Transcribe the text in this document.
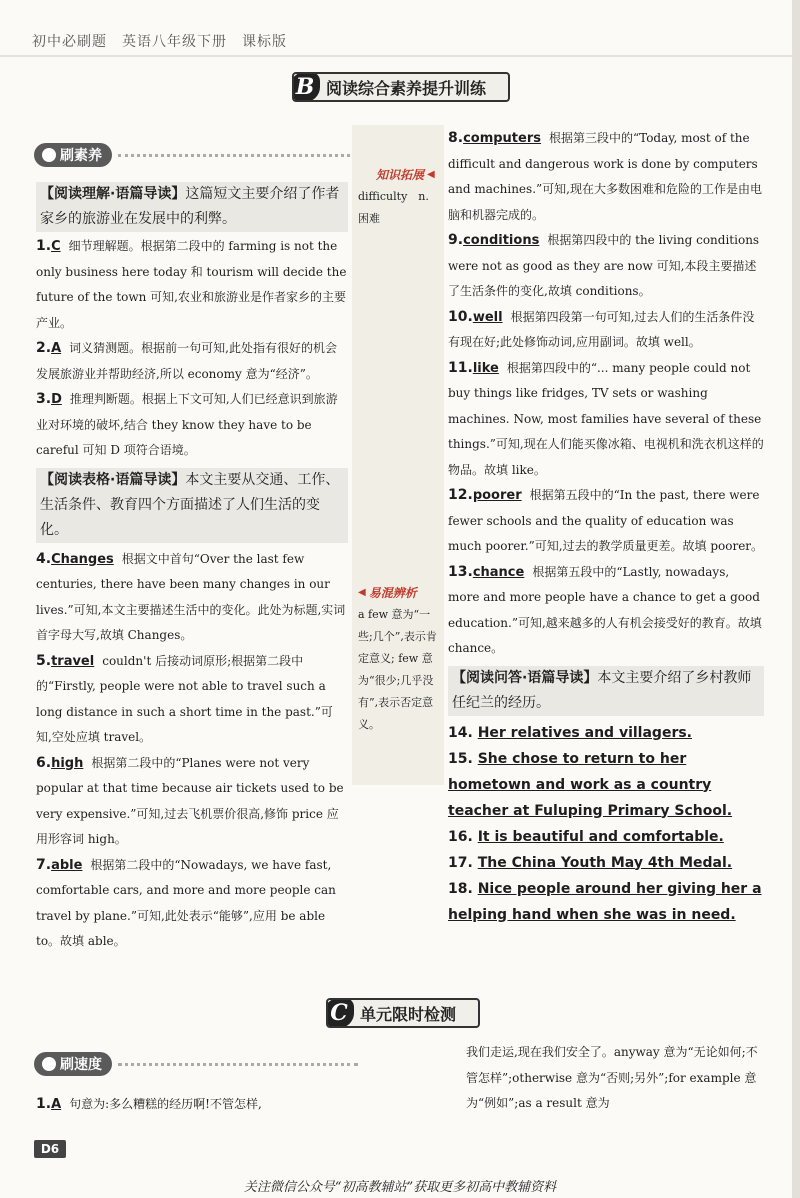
初中必刷题　英语八年级下册　课标版
B 阅读综合素养提升训练
刷素养
知识拓展 ◀
difficulty　n. 困难
◀ 易混辨析
a few 意为“一些;几个”,表示肯定意义; few 意为“很少;几乎没有”,表示否定意义。
【阅读理解·语篇导读】这篇短文主要介绍了作者家乡的旅游业在发展中的利弊。
1.C 细节理解题。根据第二段中的 farming is not the only business here today 和 tourism will decide the future of the town 可知,农业和旅游业是作者家乡的主要产业。
2.A 词义猜测题。根据前一句可知,此处指有很好的机会发展旅游业并帮助经济,所以 economy 意为“经济”。
3.D 推理判断题。根据上下文可知,人们已经意识到旅游业对环境的破坏,结合 they know they have to be careful 可知 D 项符合语境。
【阅读表格·语篇导读】本文主要从交通、工作、生活条件、教育四个方面描述了人们生活的变化。
4.Changes 根据文中首句“Over the last few centuries, there have been many changes in our lives.”可知,本文主要描述生活中的变化。此处为标题,实词首字母大写,故填 Changes。
5.travel couldn't 后接动词原形;根据第二段中的“Firstly, people were not able to travel such a long distance in such a short time in the past.”可知,空处应填 travel。
6.high 根据第二段中的“Planes were not very popular at that time because air tickets used to be very expensive.”可知,过去飞机票价很高,修饰 price 应用形容词 high。
7.able 根据第二段中的“Nowadays, we have fast, comfortable cars, and more and more people can travel by plane.”可知,此处表示“能够”,应用 be able to。故填 able。
8.computers 根据第三段中的“Today, most of the difficult and dangerous work is done by computers and machines.”可知,现在大多数困难和危险的工作是由电脑和机器完成的。
9.conditions 根据第四段中的 the living conditions were not as good as they are now 可知,本段主要描述了生活条件的变化,故填 conditions。
10.well 根据第四段第一句可知,过去人们的生活条件没有现在好;此处修饰动词,应用副词。故填 well。
11.like 根据第四段中的“... many people could not buy things like fridges, TV sets or washing machines. Now, most families have several of these things.”可知,现在人们能买像冰箱、电视机和洗衣机这样的物品。故填 like。
12.poorer 根据第五段中的“In the past, there were fewer schools and the quality of education was much poorer.”可知,过去的教学质量更差。故填 poorer。
13.chance 根据第五段中的“Lastly, nowadays, more and more people have a chance to get a good education.”可知,越来越多的人有机会接受好的教育。故填 chance。
【阅读问答·语篇导读】本文主要介绍了乡村教师任纪兰的经历。
14. Her relatives and villagers.
15. She chose to return to her hometown and work as a country teacher at Fuluping Primary School.
16. It is beautiful and comfortable.
17. The China Youth May 4th Medal.
18. Nice people around her giving her a helping hand when she was in need.
C 单元限时检测
刷速度
1.A 句意为:多么糟糕的经历啊!不管怎样,
我们走运,现在我们安全了。anyway 意为“无论如何;不管怎样”;otherwise 意为“否则;另外”;for example 意为“例如”;as a result 意为
D6
关注微信公众号“初高教辅站”获取更多初高中教辅资料
